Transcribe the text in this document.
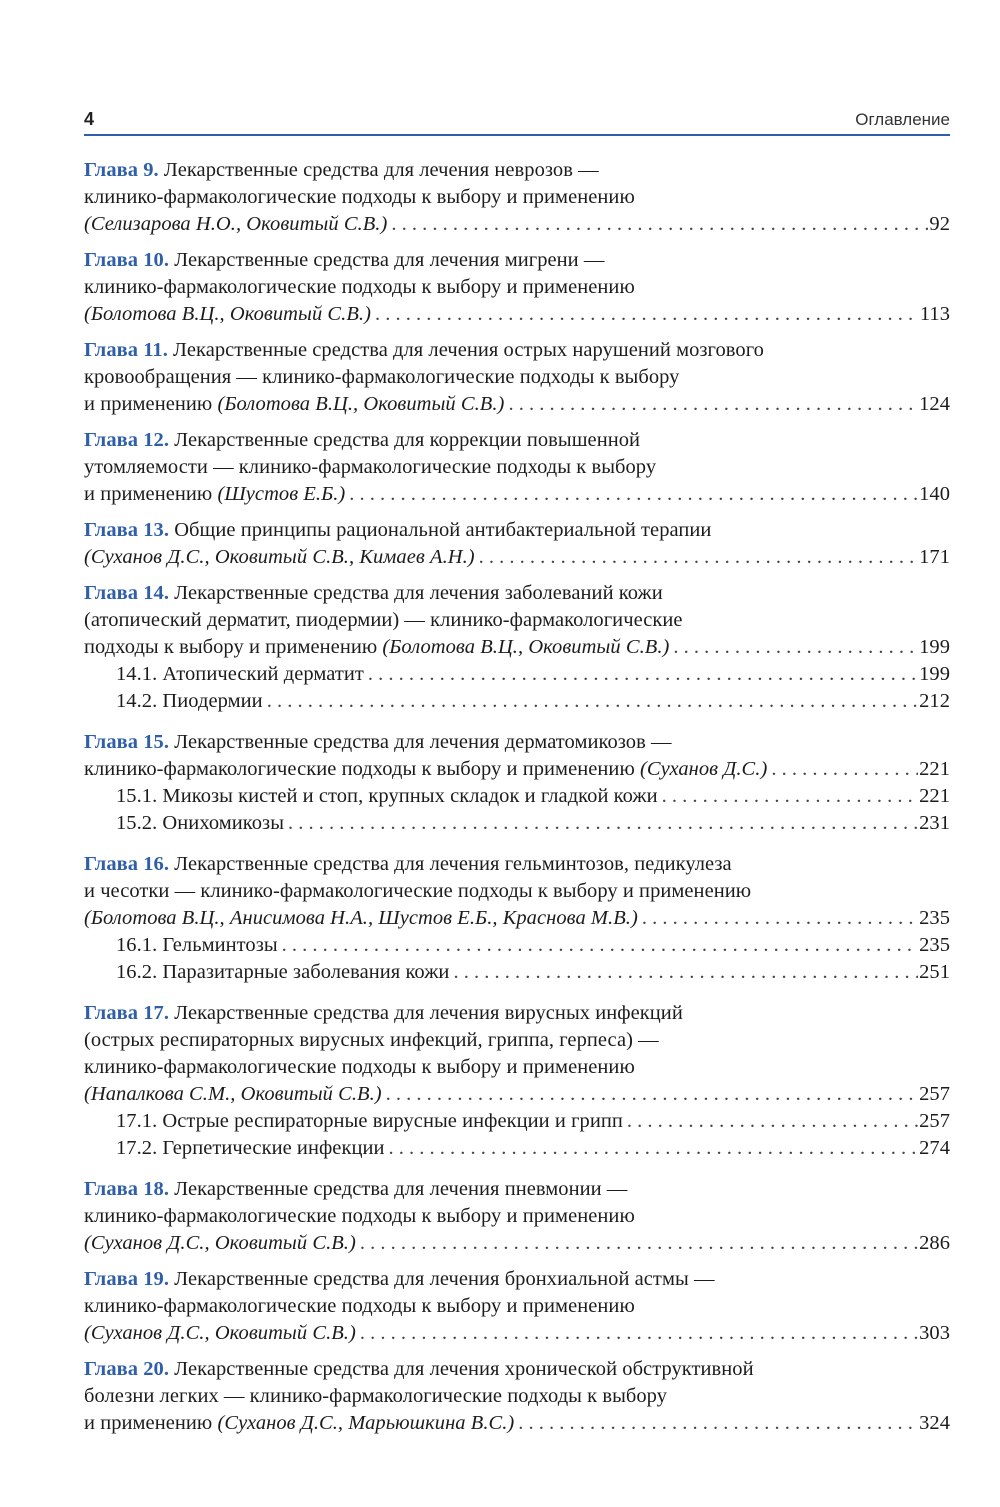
4	Оглавление
Глава 9. Лекарственные средства для лечения неврозов —
клинико-фармакологические подходы к выбору и применению
(Селизарова Н.О., Оковитый С.В.) . . .	92
Глава 10. Лекарственные средства для лечения мигрени —
клинико-фармакологические подходы к выбору и применению
(Болотова В.Ц., Оковитый С.В.) . . .	113
Глава 11. Лекарственные средства для лечения острых нарушений мозгового
кровообращения — клинико-фармакологические подходы к выбору
и применению (Болотова В.Ц., Оковитый С.В.) . . .	124
Глава 12. Лекарственные средства для коррекции повышенной
утомляемости — клинико-фармакологические подходы к выбору
и применению (Шустов Е.Б.) . . .	140
Глава 13. Общие принципы рациональной антибактериальной терапии
(Суханов Д.С., Оковитый С.В., Кимаев А.Н.) . . .	171
Глава 14. Лекарственные средства для лечения заболеваний кожи
(атопический дерматит, пиодермии) — клинико-фармакологические
подходы к выбору и применению (Болотова В.Ц., Оковитый С.В.) . . .	199
14.1. Атопический дерматит . . .	199
14.2. Пиодермии . . .	212
Глава 15. Лекарственные средства для лечения дерматомикозов —
клинико-фармакологические подходы к выбору и применению (Суханов Д.С.) . . .	221
15.1. Микозы кистей и стоп, крупных складок и гладкой кожи . . .	221
15.2. Онихомикозы . . .	231
Глава 16. Лекарственные средства для лечения гельминтозов, педикулеза
и чесотки — клинико-фармакологические подходы к выбору и применению
(Болотова В.Ц., Анисимова Н.А., Шустов Е.Б., Краснова М.В.) . . .	235
16.1. Гельминтозы . . .	235
16.2. Паразитарные заболевания кожи . . .	251
Глава 17. Лекарственные средства для лечения вирусных инфекций
(острых респираторных вирусных инфекций, гриппа, герпеса) —
клинико-фармакологические подходы к выбору и применению
(Напалкова С.М., Оковитый С.В.) . . .	257
17.1. Острые респираторные вирусные инфекции и грипп . . .	257
17.2. Герпетические инфекции . . .	274
Глава 18. Лекарственные средства для лечения пневмонии —
клинико-фармакологические подходы к выбору и применению
(Суханов Д.С., Оковитый С.В.) . . .	286
Глава 19. Лекарственные средства для лечения бронхиальной астмы —
клинико-фармакологические подходы к выбору и применению
(Суханов Д.С., Оковитый С.В.) . . .	303
Глава 20. Лекарственные средства для лечения хронической обструктивной
болезни легких — клинико-фармакологические подходы к выбору
и применению (Суханов Д.С., Марьюшкина В.С.) . . .	324
